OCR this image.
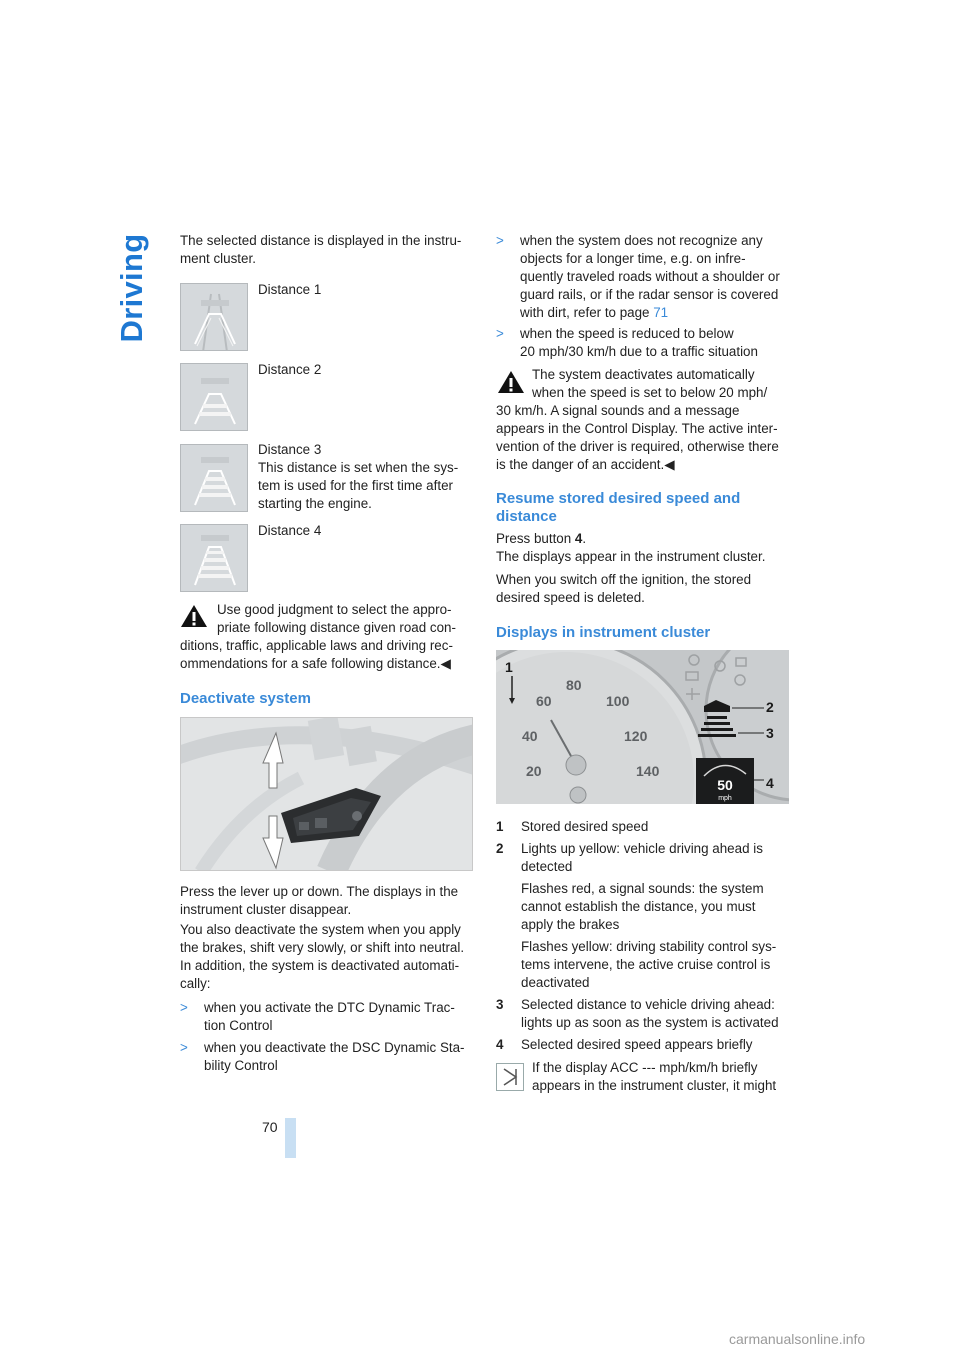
Driving The selected distance is displayed in the instru-
ment cluster.

Distance 1
Distance 2
Distance 3
This distance is set when the sys-
tem is used for the first time after
starting the engine.
Distance 4

Use good judgment to select the appro-
priate following distance given road con-

ditions, traffic, applicable laws and driving rec-
ommendations for a safe following distance.◀

Deactivate system

Press the lever up or down. The displays in the
instrument cluster disappear.

You also deactivate the system when you apply
the brakes, shift very slowly, or shift into neutral.
In addition, the system is deactivated automati-
cally:

> when you activate the DTC Dynamic Trac-
tion Control
> when you deactivate the DSC Dynamic Sta-
bility Control
> when the system does not recognize any
objects for a longer time, e.g. on infre-
quently traveled roads without a shoulder or
guard rails, or if the radar sensor is covered
with dirt, refer to page 71
> when the speed is reduced to below
20 mph/30 km/h due to a traffic situation

The system deactivates automatically
when the speed is set to below 20 mph/

30 km/h. A signal sounds and a message
appears in the Control Display. The active inter-
vention of the driver is required, otherwise there
is the danger of an accident.◀

Resume stored desired speed and
distance

Press button 4.
The displays appear in the instrument cluster.

When you switch off the ignition, the stored
desired speed is deleted.

Displays in instrument cluster
20
40
60
80
100
120
140
50
mph
1
2
3
4
1 Stored desired speed
2 Lights up yellow: vehicle driving ahead is
detected
Flashes red, a signal sounds: the system
cannot establish the distance, you must
apply the brakes
Flashes yellow: driving stability control sys-
tems intervene, the active cruise control is
deactivated
3 Selected distance to vehicle driving ahead:
lights up as soon as the system is activated
4 Selected desired speed appears briefly

If the display ACC --- mph/km/h briefly
appears in the instrument cluster, it might

70
carmanualsonline.info
